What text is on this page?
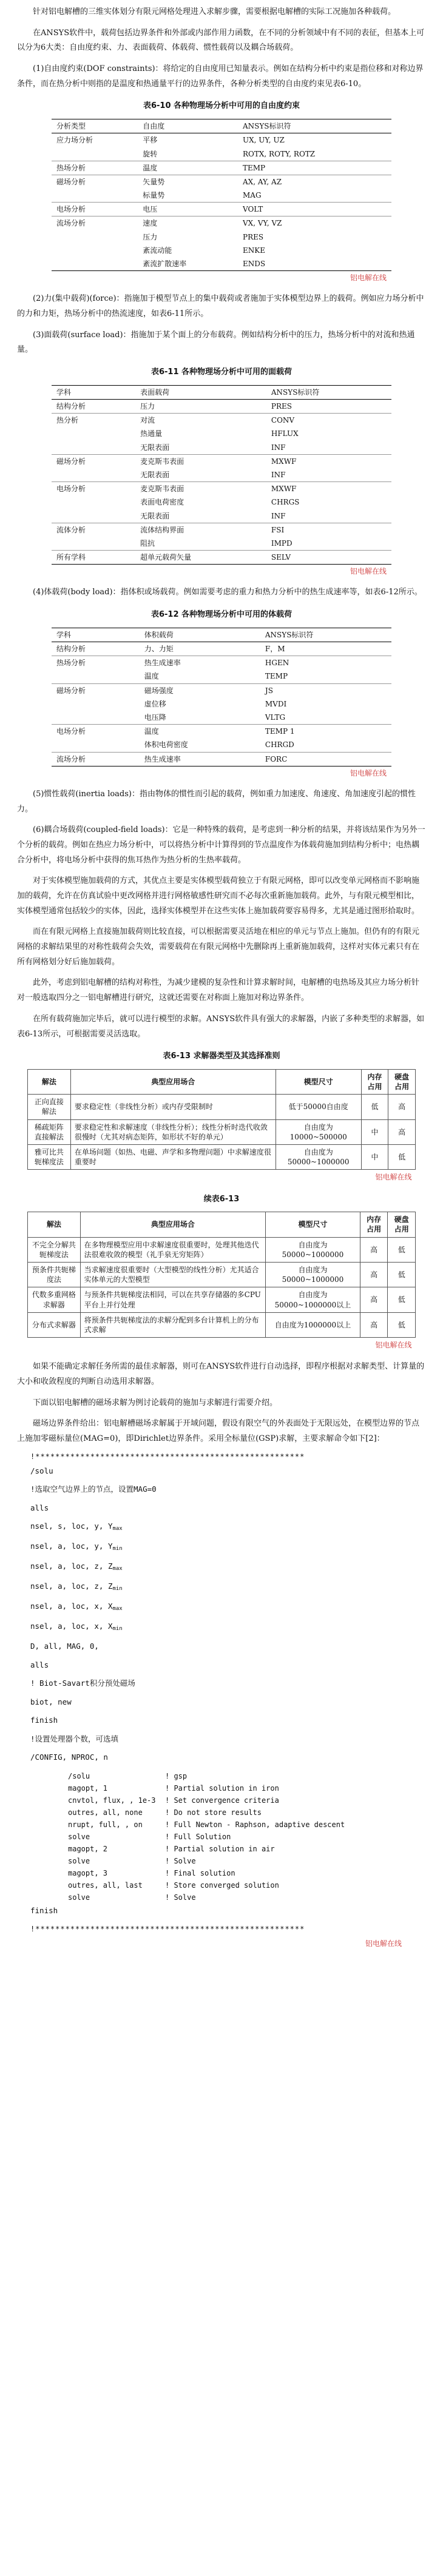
针对铝电解槽的三维实体划分有限元网格处理进入求解步骤，需要根据电解槽的实际工况施加各种载荷。

在ANSYS软件中，载荷包括边界条件和外部或内部作用力函数，在不同的分析领域中有不同的表征，但基本上可以分为6大类：自由度约束、力、表面载荷、体载荷、惯性载荷以及耦合场载荷。

(1)自由度约束(DOF constraints)：将给定的自由度用已知量表示。例如在结构分析中约束是指位移和对称边界条件，而在热分析中则指的是温度和热通量平行的边界条件，各种分析类型的自由度约束见表6-10。

表6-10 各种物理场分析中可用的自由度约束
分析类型	自由度	ANSYS标识符
应力场分析	平移	UX, UY, UZ
	旋转	ROTX, ROTY, ROTZ
热场分析	温度	TEMP
磁场分析	矢量势	AX, AY, AZ
	标量势	MAG
电场分析	电压	VOLT
流场分析	速度	VX, VY, VZ
	压力	PRES
	紊流动能	ENKE
	紊流扩散速率	ENDS
铝电解在线		

(2)力(集中载荷)(force)：指施加于模型节点上的集中载荷或者施加于实体模型边界上的载荷。例如应力场分析中的力和力矩，热场分析中的热流速度，如表6-11所示。

(3)面载荷(surface load)：指施加于某个面上的分布载荷。例如结构分析中的压力，热场分析中的对流和热通量。

表6-11 各种物理场分析中可用的面载荷
学科	表面载荷	ANSYS标识符
结构分析	压力	PRES
热分析	对流	CONV
	热通量	HFLUX
	无限表面	INF
磁场分析	麦克斯韦表面	MXWF
	无限表面	INF
电场分析	麦克斯韦表面	MXWF
	表面电荷密度	CHRGS
	无限表面	INF
流体分析	流体结构界面	FSI
	阻抗	IMPD
所有学科	超单元载荷矢量	SELV
铝电解在线		

(4)体载荷(body load)：指体积或场载荷。例如需要考虑的重力和热力分析中的热生成速率等，如表6-12所示。

表6-12 各种物理场分析中可用的体载荷
学科	体积载荷	ANSYS标识符
结构分析	力、力矩	F，M
热场分析	热生成速率	HGEN
	温度	TEMP
磁场分析	磁场强度	JS
	虚位移	MVDI
	电压降	VLTG
电场分析	温度	TEMP 1
	体积电荷密度	CHRGD
流场分析	热生成速率	FORC
铝电解在线		

(5)惯性载荷(inertia loads)：指由物体的惯性而引起的载荷，例如重力加速度、角速度、角加速度引起的惯性力。

(6)耦合场载荷(coupled-field loads)：它是一种特殊的载荷，是考虑到一种分析的结果，并将该结果作为另外一个分析的载荷。例如在热应力场分析中，可以将热分析中计算得到的节点温度作为体载荷施加到结构分析中；电热耦合分析中，将电场分析中获得的焦耳热作为热分析的生热率载荷。

对于实体模型施加载荷的方式，其优点主要是实体模型载荷独立于有限元网格，即可以改变单元网格而不影响施加的载荷，允许在仿真试验中更改网格并进行网格敏感性研究而不必每次重新施加载荷。此外，与有限元模型相比，实体模型通常包括较少的实体，因此，选择实体模型并在这些实体上施加载荷要容易得多，尤其是通过图形拾取时。

而在有限元网格上直接施加载荷则比较直接，可以根据需要灵活地在相应的单元与节点上施加。但仍有的有限元网格的求解结果里的对称性载荷会失效，需要载荷在有限元网格中先删除再上重新施加载荷，这样对实体元素只有在所有网格划分好后施加载荷。

此外，考虑到铝电解槽的结构对称性，为减少建模的复杂性和计算求解时间，电解槽的电热场及其应力场分析针对一般选取四分之一铝电解槽进行研究，这就还需要在对称面上施加对称边界条件。

在所有载荷施加完毕后，就可以进行模型的求解。ANSYS软件具有强大的求解器，内嵌了多种类型的求解器，如表6-13所示，可根据需要灵活选取。

表6-13 求解器类型及其选择准则
解法	典型应用场合	模型尺寸	内存占用	硬盘占用
正向直接解法	要求稳定性（非线性分析）或内存受限制时	低于50000自由度	低	高
稀疏矩阵直接解法	要求稳定性和求解速度（非线性分析）；线性分析时迭代收敛很慢时（尤其对病态矩阵，如形状不好的单元）	自由度为10000~500000	中	高
雅可比共轭梯度法	在单场问题（如热、电磁、声学和多物理问题）中求解速度很重要时	自由度为50000~1000000	中	低
铝电解在线				
续表6-13
解法	典型应用场合	模型尺寸	内存占用	硬盘占用
不完全分解共轭梯度法	在多物理模型应用中求解速度很重要时，处理其他迭代法很难收敛的模型（礼手泉无穷矩阵）	自由度为50000~1000000	高	低
预条件共轭梯度法	当求解速度很重要时（大型模型的线性分析）尤其适合实体单元的大型模型	自由度为50000~1000000	高	低
代数多重网格求解器	与预条件共轭梯度法相同，可以在共享存储器的多CPU平台上并行处理	自由度为50000~1000000以上	高	低
分布式求解器	将预条件共轭梯度法的求解分配到多台计算机上的分布式求解	自由度为1000000以上	高	低
铝电解在线				

如果不能确定求解任务所需的最佳求解器，则可在ANSYS软件进行自动选择，即程序根据对求解类型、计算量的大小和收敛程度的判断自动选用求解器。

下面以铝电解槽的磁场求解为例讨论载荷的施加与求解进行需要介绍。

磁场边界条件给出：铝电解槽磁场求解属于开域问题，假设有限空气的外表面处于无限远处，在模型边界的节点上施加零磁标量位(MAG=0)，即Dirichlet边界条件。采用全标量位(GSP)求解，主要求解命令如下[2]：

!******************************************************
/solu
!选取空气边界上的节点，设置MAG=0
alls
nsel, s, loc, y, $Y_{max}$
nsel, a, loc, y, $Y_{min}$
nsel, a, loc, z, $Z_{max}$
nsel, a, loc, z, $Z_{min}$
nsel, a, loc, x, $X_{max}$
nsel, a, loc, x, $X_{min}$
D, all, MAG, 0,
alls
! Biot-Savart积分预处磁场
biot, new
finish
!设置处理器个数，可选填
/CONFIG, NPROC, n
/solu	! gsp
magopt, 1	! Partial solution in iron
cnvtol, flux, , 1e-3	! Set convergence criteria
outres, all, none	! Do not store results
nrupt, full, , on	! Full Newton - Raphson, adaptive descent
solve	! Full Solution
magopt, 2	! Partial solution in air
solve	! Solve
magopt, 3	! Final solution
outres, all, last	! Store converged solution
solve	! Solve
finish
!******************************************************
铝电解在线
